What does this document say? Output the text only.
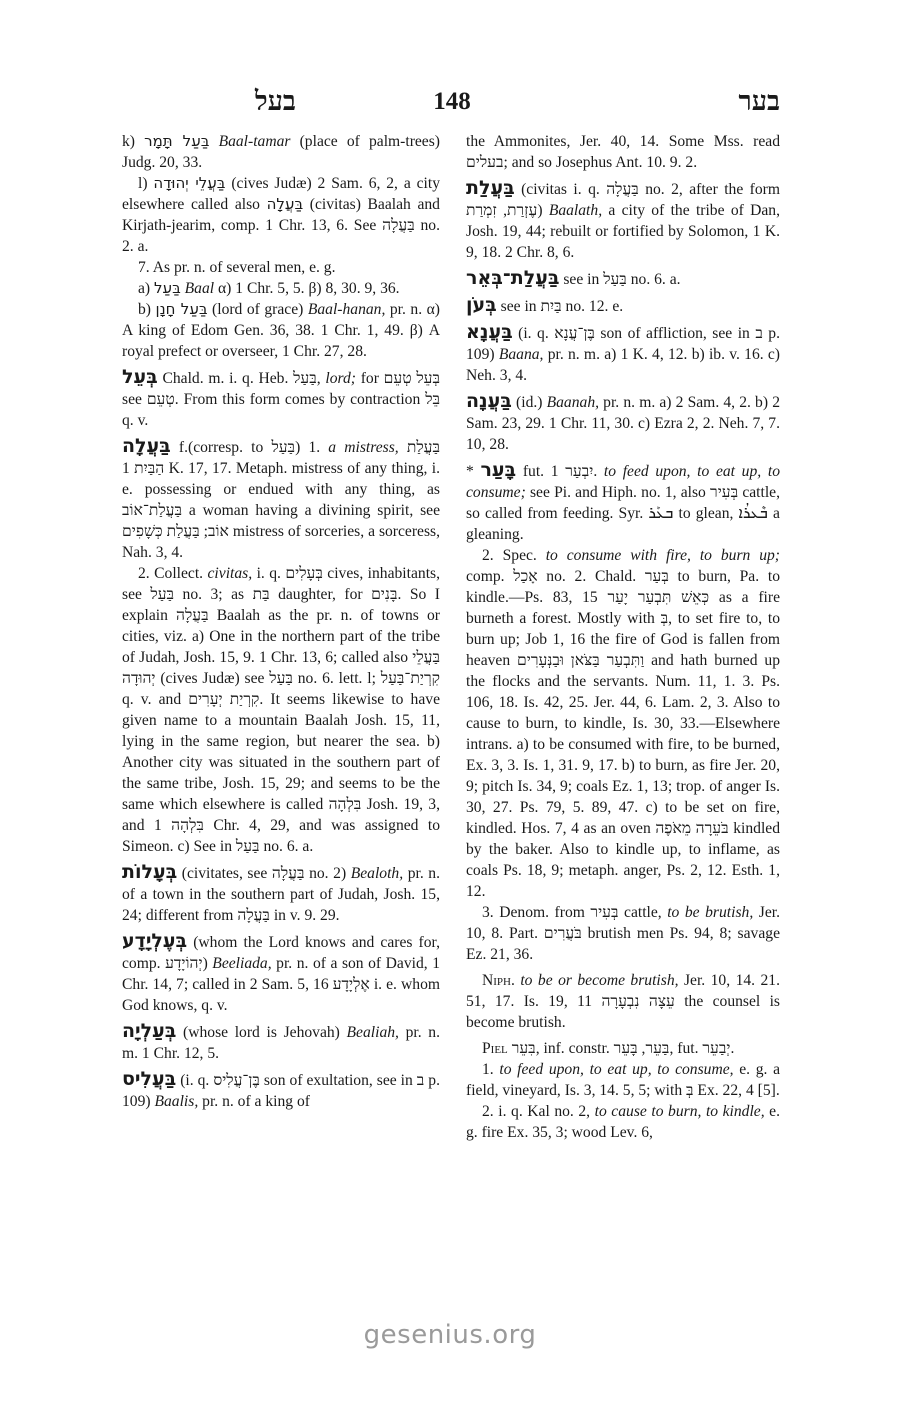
בעל	148	בער

k) בַּעַל תָּמָר Baal-tamar (place of palm-trees) Judg. 20, 33.

l) בַּעֲלֵי יְהוּדָה (cives Judæ) 2 Sam. 6, 2, a city elsewhere called also בַּעֲלָה (civitas) Baalah and Kirjath-jearim, comp. 1 Chr. 13, 6. See בַּעֲלָה no. 2. a.

7. As pr. n. of several men, e. g.

a) בַּעַל Baal α) 1 Chr. 5, 5. β) 8, 30. 9, 36.

b) בַּעַל חָנָן (lord of grace) Baal-hanan, pr. n. α) A king of Edom Gen. 36, 38. 1 Chr. 1, 49. β) A royal prefect or overseer, 1 Chr. 27, 28.

בְּעֵל Chald. m. i. q. Heb. בַּעַל, lord; for בְּעֵל טְעֵם see טְעֵם. From this form comes by contraction בֵּל q. v.

בַּעֲלָה f.(corresp. to בַּעַל) 1. a mistress, בַּעֲלַת הַבַּיִת 1 K. 17, 17. Metaph. mistress of any thing, i. e. possessing or endued with any thing, as בַּעֲלַת־אוֹב a woman having a divining spirit, see אוֹב; בַּעֲלַת כְּשָׁפִים mistress of sorceries, a sorceress, Nah. 3, 4.

2. Collect. civitas, i. q. בְּעָלִים cives, inhabitants, see בַּעַל no. 3; as בַּת daughter, for בָּנִים. So I explain בַּעֲלָה Baalah as the pr. n. of towns or cities, viz. a) One in the northern part of the tribe of Judah, Josh. 15, 9. 1 Chr. 13, 6; called also בַּעֲלֵי יְהוּדָה (cives Judæ) see בַּעַל no. 6. lett. l; קִרְיַת־בַּעַל q. v. and קִרְיַת יְעָרִים. It seems likewise to have given name to a mountain Baalah Josh. 15, 11, lying in the same region, but nearer the sea. b) Another city was situated in the southern part of the same tribe, Josh. 15, 29; and seems to be the same which elsewhere is called בִּלְהָה Josh. 19, 3, and בִּלְהָה 1 Chr. 4, 29, and was assigned to Simeon. c) See in בַּעַל no. 6. a.

בְּעָלוֹת (civitates, see בַּעֲלָה no. 2) Bealoth, pr. n. of a town in the southern part of Judah, Josh. 15, 24; different from בַּעֲלָה in v. 9. 29.

בְּעֶלְיָדָע (whom the Lord knows and cares for, comp. יְהוֹיָדָע) Beeliada, pr. n. of a son of David, 1 Chr. 14, 7; called in 2 Sam. 5, 16 אֶלְיָדָע i. e. whom God knows, q. v.

בְּעַלְיָה (whose lord is Jehovah) Bealiah, pr. n. m. 1 Chr. 12, 5.

בַּעֲלִיס (i. q. בֶּן־עֲלִיס son of exultation, see in ב p. 109) Baalis, pr. n. of a king of

the Ammonites, Jer. 40, 14. Some Mss. read בעלים; and so Josephus Ant. 10. 9. 2.

בַּעֲלַת (civitas i. q. בַּעֲלָה no. 2, after the form עֶזְרַת, זִמְרַת) Baalath, a city of the tribe of Dan, Josh. 19, 44; rebuilt or fortified by Solomon, 1 K. 9, 18. 2 Chr. 8, 6.

בַּעֲלַת־בְּאֵר see in בַּעַל no. 6. a.

בְּעֹן see in בַּיִת no. 12. e.

בַּעֲנָא (i. q. בֶּן־עֲנָא son of affliction, see in ב p. 109) Baana, pr. n. m. a) 1 K. 4, 12. b) ib. v. 16. c) Neh. 3, 4.

בַּעֲנָה (id.) Baanah, pr. n. m. a) 2 Sam. 4, 2. b) 2 Sam. 23, 29. 1 Chr. 11, 30. c) Ezra 2, 2. Neh. 7, 7. 10, 28.

* בָּעַר fut. יִבְעַר 1. to feed upon, to eat up, to consume; see Pi. and Hiph. no. 1, also בְּעִיר cattle, so called from feeding. Syr. ܒܥܰܪ to glean, ܒܶܥܪܳܐ a gleaning.

2. Spec. to consume with fire, to burn up; comp. אָכַל no. 2. Chald. בְּעַר to burn, Pa. to kindle.—Ps. 83, 15 כְּאֵשׁ תִּבְעַר יָעַר as a fire burneth a forest. Mostly with בְּ, to set fire to, to burn up; Job 1, 16 the fire of God is fallen from heaven וַתִּבְעַר בַּצֹּאן וּבַנְּעָרִים and hath burned up the flocks and the servants. Num. 11, 1. 3. Ps. 106, 18. Is. 42, 25. Jer. 44, 6. Lam. 2, 3. Also to cause to burn, to kindle, Is. 30, 33.—Elsewhere intrans. a) to be consumed with fire, to be burned, Ex. 3, 3. Is. 1, 31. 9, 17. b) to burn, as fire Jer. 20, 9; pitch Is. 34, 9; coals Ez. 1, 13; trop. of anger Is. 30, 27. Ps. 79, 5. 89, 47. c) to be set on fire, kindled. Hos. 7, 4 as an oven בֹּעֵרָה מֵאֹפֶה kindled by the baker. Also to kindle up, to inflame, as coals Ps. 18, 9; metaph. anger, Ps. 2, 12. Esth. 1, 12.

3. Denom. from בְּעִיר cattle, to be brutish, Jer. 10, 8. Part. בֹּעֲרִים brutish men Ps. 94, 8; savage Ez. 21, 36.

Niph. to be or become brutish, Jer. 10, 14. 21. 51, 17. Is. 19, 11 עֵצָה נִבְעָרָה the counsel is become brutish.

Piel בִּעֵר, inf. constr. בַּעֵר, בָּעֵר, fut. יְבַעֵר.

1. to feed upon, to eat up, to consume, e. g. a field, vineyard, Is. 3, 14. 5, 5; with בְּ Ex. 22, 4 [5].

2. i. q. Kal no. 2, to cause to burn, to kindle, e. g. fire Ex. 35, 3; wood Lev. 6,

gesenius.org
